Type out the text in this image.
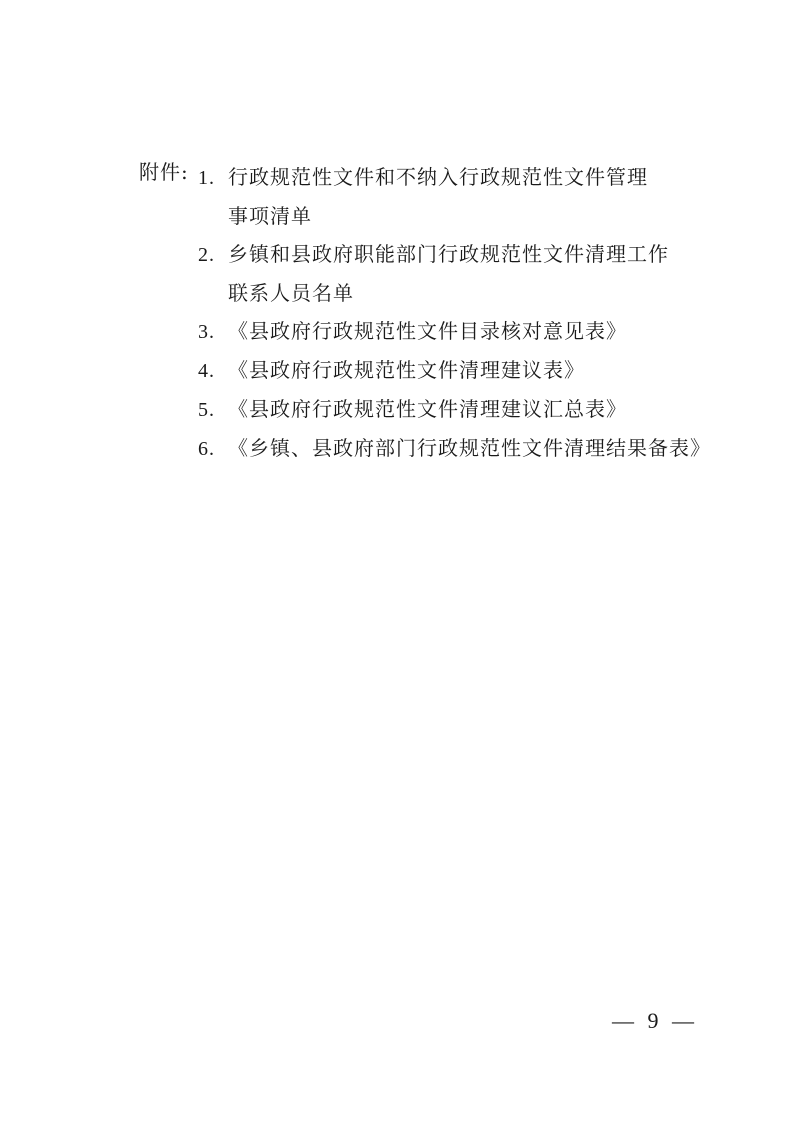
附件: 1. 行政规范性文件和不纳入行政规范性文件管理
事项清单
2. 乡镇和县政府职能部门行政规范性文件清理工作
联系人员名单
3. 《县政府行政规范性文件目录核对意见表》
4. 《县政府行政规范性文件清理建议表》
5. 《县政府行政规范性文件清理建议汇总表》
6. 《乡镇、县政府部门行政规范性文件清理结果备表》
— 9 —
